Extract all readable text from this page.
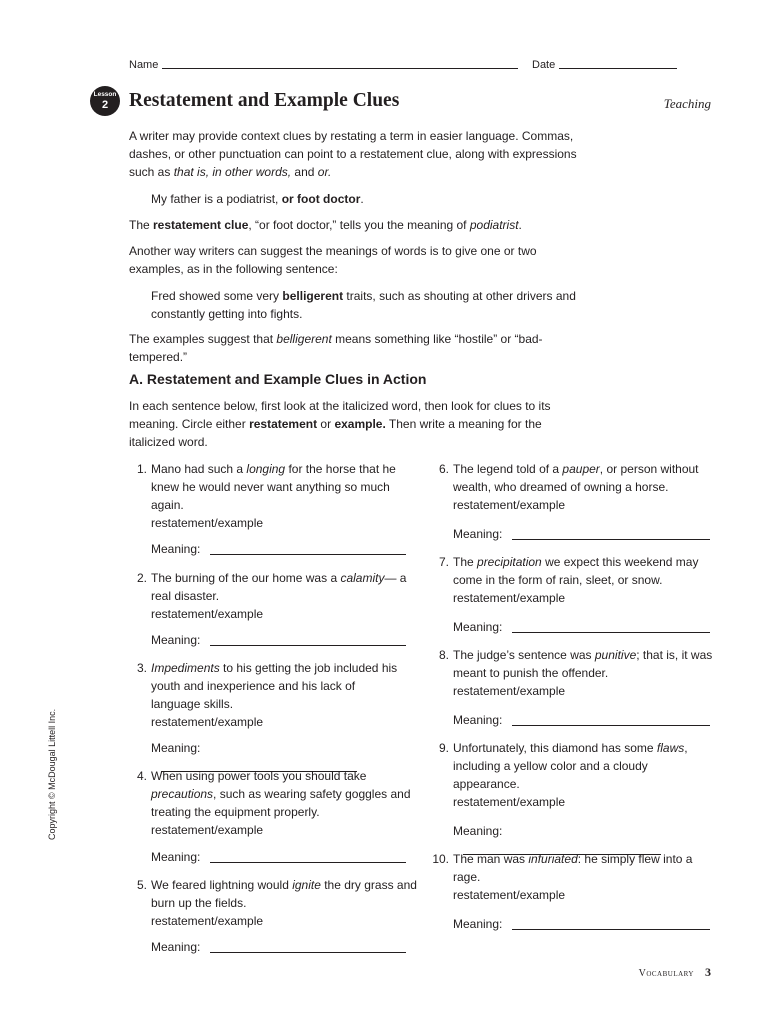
Name	Date
Lesson
2	Restatement and Example Clues	Teaching
A writer may provide context clues by restating a term in easier language. Commas, dashes, or other punctuation can point to a restatement clue, along with expressions such as that is, in other words, and or.
My father is a podiatrist, or foot doctor.
The restatement clue, “or foot doctor,” tells you the meaning of podiatrist.
Another way writers can suggest the meanings of words is to give one or two examples, as in the following sentence:
Fred showed some very belligerent traits, such as shouting at other drivers and constantly getting into fights.
The examples suggest that belligerent means something like “hostile” or “bad-tempered.”
A. Restatement and Example Clues in Action
In each sentence below, first look at the italicized word, then look for clues to its meaning. Circle either restatement or example. Then write a meaning for the italicized word.
1. Mano had such a longing for the horse that he knew he would never want anything so much again.
restatement/example
Meaning:
2. The burning of the our home was a calamity— a real disaster.
restatement/example
Meaning:
3. Impediments to his getting the job included his youth and inexperience and his lack of language skills.
restatement/example
Meaning:
4. When using power tools you should take precautions, such as wearing safety goggles and treating the equipment properly.
restatement/example
Meaning:
5. We feared lightning would ignite the dry grass and burn up the fields.
restatement/example
Meaning:
6. The legend told of a pauper, or person without wealth, who dreamed of owning a horse.
restatement/example
Meaning:
7. The precipitation we expect this weekend may come in the form of rain, sleet, or snow.
restatement/example
Meaning:
8. The judge’s sentence was punitive; that is, it was meant to punish the offender.
restatement/example
Meaning:
9. Unfortunately, this diamond has some flaws, including a yellow color and a cloudy appearance.
restatement/example
Meaning:
10. The man was infuriated: he simply flew into a rage.
restatement/example
Meaning:
Copyright © McDougal Littell Inc.
Vocabulary 3
